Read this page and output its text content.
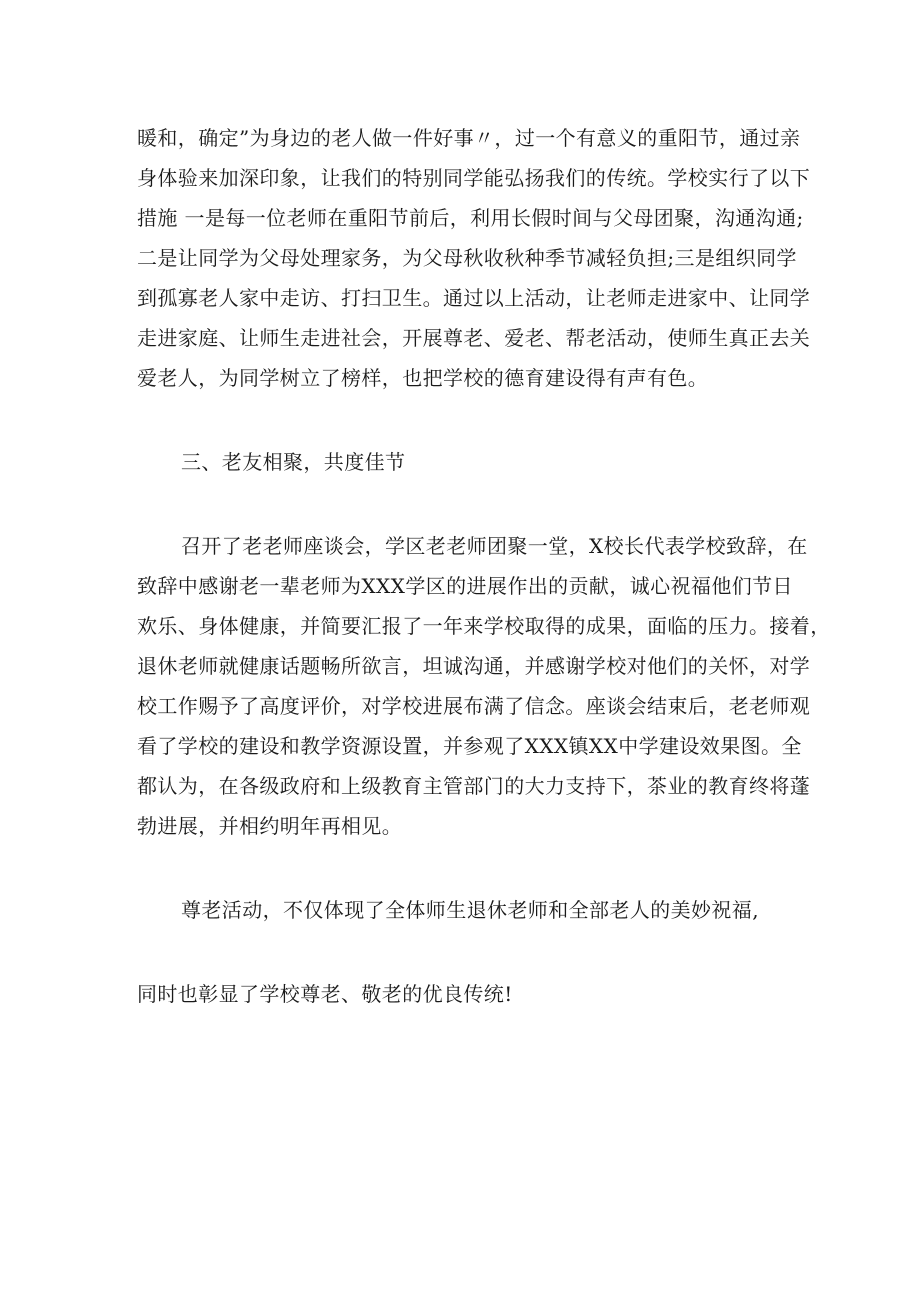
暖和，确定”为身边的老人做一件好事〃，过一个有意义的重阳节，通过亲
身体验来加深印象，让我们的特别同学能弘扬我们的传统。学校实行了以下
措施 一是每一位老师在重阳节前后，利用长假时间与父母团聚，沟通沟通;
二是让同学为父母处理家务，为父母秋收秋种季节减轻负担;三是组织同学
到孤寡老人家中走访、打扫卫生。通过以上活动，让老师走进家中、让同学
走进家庭、让师生走进社会，开展尊老、爱老、帮老活动，使师生真正去关
爱老人，为同学树立了榜样，也把学校的德育建设得有声有色。
三、老友相聚，共度佳节
召开了老老师座谈会，学区老老师团聚一堂，X校长代表学校致辞，在
致辞中感谢老一辈老师为XXX学区的进展作出的贡献，诚心祝福他们节日
欢乐、身体健康，并简要汇报了一年来学校取得的成果，面临的压力。接着，
退休老师就健康话题畅所欲言，坦诚沟通，并感谢学校对他们的关怀，对学
校工作赐予了高度评价，对学校进展布满了信念。座谈会结束后，老老师观
看了学校的建设和教学资源设置，并参观了XXX镇XX中学建设效果图。全
都认为，在各级政府和上级教育主管部门的大力支持下，茶业的教育终将蓬
勃进展，并相约明年再相见。
尊老活动，不仅体现了全体师生退休老师和全部老人的美妙祝福,
同时也彰显了学校尊老、敬老的优良传统!
